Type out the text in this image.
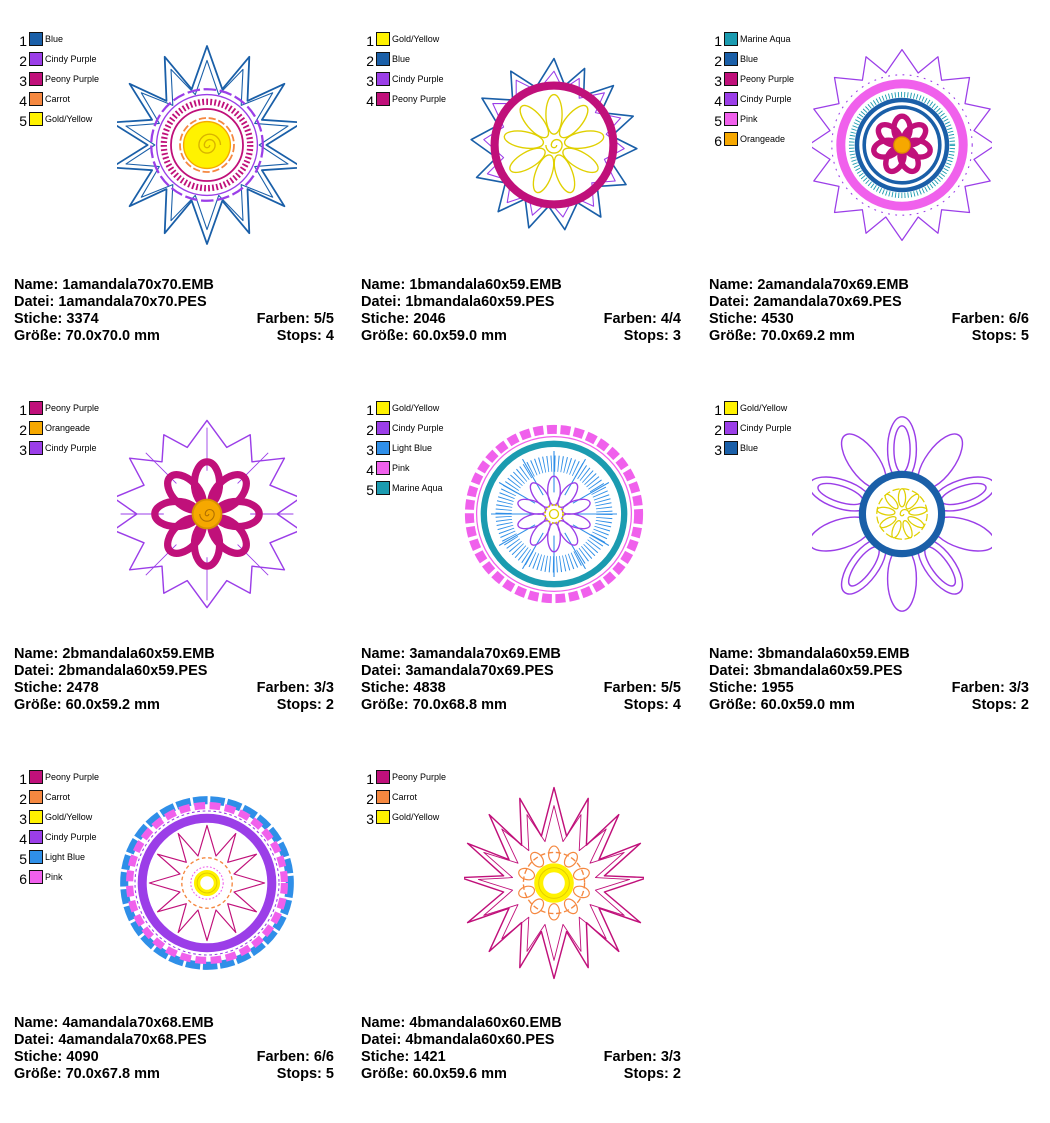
1 Blue
2 Cindy Purple
3 Peony Purple
4 Carrot
5 Gold/Yellow
Name: 1amandala70x70.EMB
Datei: 1amandala70x70.PES
Stiche: 3374	Farben: 5/5
Größe: 70.0x70.0 mm	Stops: 4
1 Gold/Yellow
2 Blue
3 Cindy Purple
4 Peony Purple
Name: 1bmandala60x59.EMB
Datei: 1bmandala60x59.PES
Stiche: 2046	Farben: 4/4
Größe: 60.0x59.0 mm	Stops: 3
1 Marine Aqua
2 Blue
3 Peony Purple
4 Cindy Purple
5 Pink
6 Orangeade
Name: 2amandala70x69.EMB
Datei: 2amandala70x69.PES
Stiche: 4530	Farben: 6/6
Größe: 70.0x69.2 mm	Stops: 5
1 Peony Purple
2 Orangeade
3 Cindy Purple
Name: 2bmandala60x59.EMB
Datei: 2bmandala60x59.PES
Stiche: 2478	Farben: 3/3
Größe: 60.0x59.2 mm	Stops: 2
1 Gold/Yellow
2 Cindy Purple
3 Light Blue
4 Pink
5 Marine Aqua
Name: 3amandala70x69.EMB
Datei: 3amandala70x69.PES
Stiche: 4838	Farben: 5/5
Größe: 70.0x68.8 mm	Stops: 4
1 Gold/Yellow
2 Cindy Purple
3 Blue
Name: 3bmandala60x59.EMB
Datei: 3bmandala60x59.PES
Stiche: 1955	Farben: 3/3
Größe: 60.0x59.0 mm	Stops: 2
1 Peony Purple
2 Carrot
3 Gold/Yellow
4 Cindy Purple
5 Light Blue
6 Pink
Name: 4amandala70x68.EMB
Datei: 4amandala70x68.PES
Stiche: 4090	Farben: 6/6
Größe: 70.0x67.8 mm	Stops: 5
1 Peony Purple
2 Carrot
3 Gold/Yellow
Name: 4bmandala60x60.EMB
Datei: 4bmandala60x60.PES
Stiche: 1421	Farben: 3/3
Größe: 60.0x59.6 mm	Stops: 2
